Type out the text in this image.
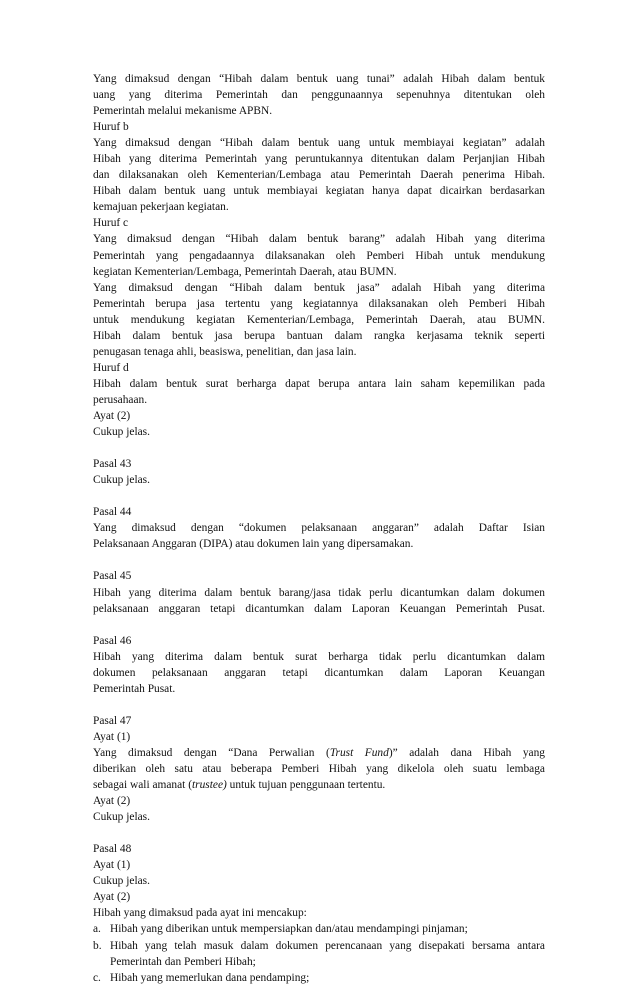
Yang dimaksud dengan “Hibah dalam bentuk uang tunai” adalah Hibah dalam bentuk
uang yang diterima Pemerintah dan penggunaannya sepenuhnya ditentukan oleh
Pemerintah melalui mekanisme APBN.
Huruf b
Yang dimaksud dengan “Hibah dalam bentuk uang untuk membiayai kegiatan” adalah
Hibah yang diterima Pemerintah yang peruntukannya ditentukan dalam Perjanjian Hibah
dan dilaksanakan oleh Kementerian/Lembaga atau Pemerintah Daerah penerima Hibah.
Hibah dalam bentuk uang untuk membiayai kegiatan hanya dapat dicairkan berdasarkan
kemajuan pekerjaan kegiatan.
Huruf c
Yang dimaksud dengan “Hibah dalam bentuk barang” adalah Hibah yang diterima
Pemerintah yang pengadaannya dilaksanakan oleh Pemberi Hibah untuk mendukung
kegiatan Kementerian/Lembaga, Pemerintah Daerah, atau BUMN.
Yang dimaksud dengan “Hibah dalam bentuk jasa” adalah Hibah yang diterima
Pemerintah berupa jasa tertentu yang kegiatannya dilaksanakan oleh Pemberi Hibah
untuk mendukung kegiatan Kementerian/Lembaga, Pemerintah Daerah, atau BUMN.
Hibah dalam bentuk jasa berupa bantuan dalam rangka kerjasama teknik seperti
penugasan tenaga ahli, beasiswa, penelitian, dan jasa lain.
Huruf d
Hibah dalam bentuk surat berharga dapat berupa antara lain saham kepemilikan pada
perusahaan.
Ayat (2)
Cukup jelas.
Pasal 43
Cukup jelas.
Pasal 44
Yang dimaksud dengan “dokumen pelaksanaan anggaran” adalah Daftar Isian
Pelaksanaan Anggaran (DIPA) atau dokumen lain yang dipersamakan.
Pasal 45
Hibah yang diterima dalam bentuk barang/jasa tidak perlu dicantumkan dalam dokumen
pelaksanaan anggaran tetapi dicantumkan dalam Laporan Keuangan Pemerintah Pusat.
Pasal 46
Hibah yang diterima dalam bentuk surat berharga tidak perlu dicantumkan dalam
dokumen pelaksanaan anggaran tetapi dicantumkan dalam Laporan Keuangan
Pemerintah Pusat.
Pasal 47
Ayat (1)
Yang dimaksud dengan “Dana Perwalian (Trust Fund)” adalah dana Hibah yang
diberikan oleh satu atau beberapa Pemberi Hibah yang dikelola oleh suatu lembaga
sebagai wali amanat (trustee) untuk tujuan penggunaan tertentu.
Ayat (2)
Cukup jelas.
Pasal 48
Ayat (1)
Cukup jelas.
Ayat (2)
Hibah yang dimaksud pada ayat ini mencakup:
a. Hibah yang diberikan untuk mempersiapkan dan/atau mendampingi pinjaman;
b. Hibah yang telah masuk dalam dokumen perencanaan yang disepakati bersama antara
Pemerintah dan Pemberi Hibah;
c. Hibah yang memerlukan dana pendamping;
